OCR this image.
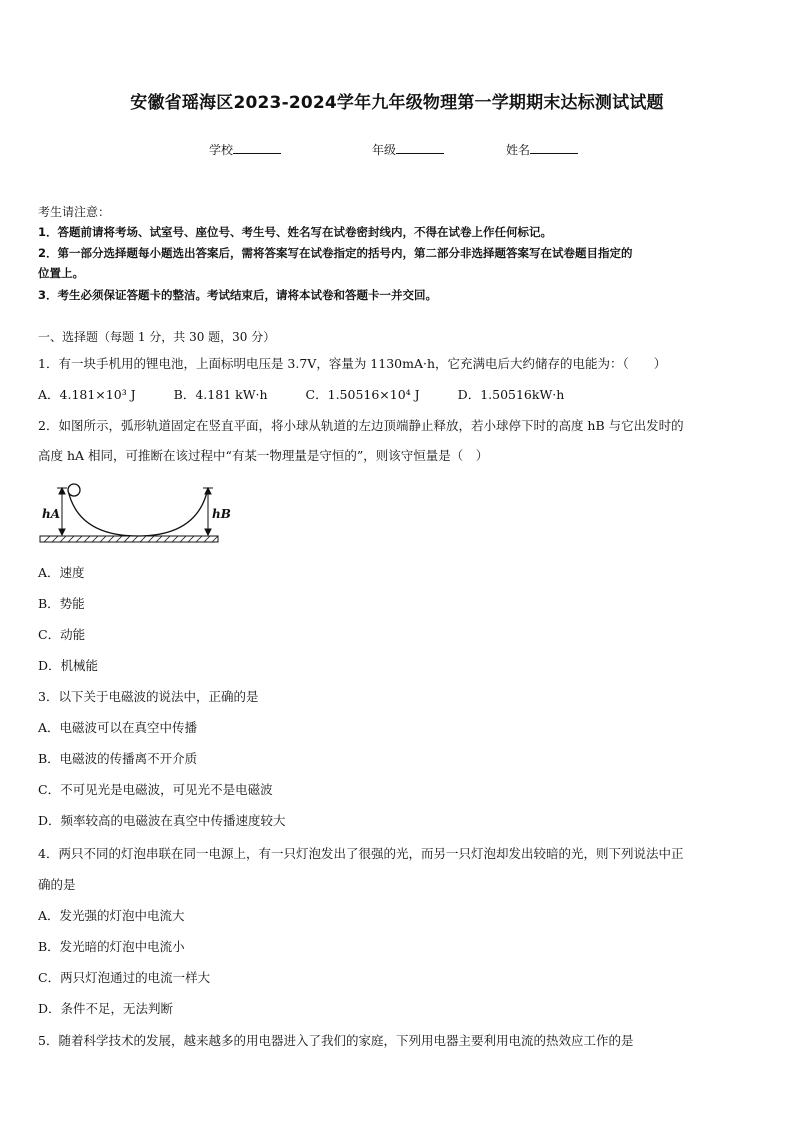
安徽省瑶海区2023-2024学年九年级物理第一学期期末达标测试试题
学校	年级	姓名
考生请注意：
1．答题前请将考场、试室号、座位号、考生号、姓名写在试卷密封线内，不得在试卷上作任何标记。
2．第一部分选择题每小题选出答案后，需将答案写在试卷指定的括号内，第二部分非选择题答案写在试卷题目指定的
位置上。
3．考生必须保证答题卡的整洁。考试结束后，请将本试卷和答题卡一并交回。
一、选择题（每题 1 分，共 30 题，30 分）
1．有一块手机用的锂电池，上面标明电压是 3.7V，容量为 1130mA·h，它充满电后大约储存的电能为：（　　）
A．4.181×10³ J	B．4.181 kW·h	C．1.50516×10⁴ J	D．1.50516kW·h
2．如图所示，弧形轨道固定在竖直平面，将小球从轨道的左边顶端静止释放，若小球停下时的高度 hB 与它出发时的
高度 hA 相同，可推断在该过程中“有某一物理量是守恒的”，则该守恒量是（　）
hA	hB
A．速度
B．势能
C．动能
D．机械能
3．以下关于电磁波的说法中，正确的是
A．电磁波可以在真空中传播
B．电磁波的传播离不开介质
C．不可见光是电磁波，可见光不是电磁波
D．频率较高的电磁波在真空中传播速度较大
4．两只不同的灯泡串联在同一电源上，有一只灯泡发出了很强的光，而另一只灯泡却发出较暗的光，则下列说法中正
确的是
A．发光强的灯泡中电流大
B．发光暗的灯泡中电流小
C．两只灯泡通过的电流一样大
D．条件不足，无法判断
5．随着科学技术的发展，越来越多的用电器进入了我们的家庭，下列用电器主要利用电流的热效应工作的是
